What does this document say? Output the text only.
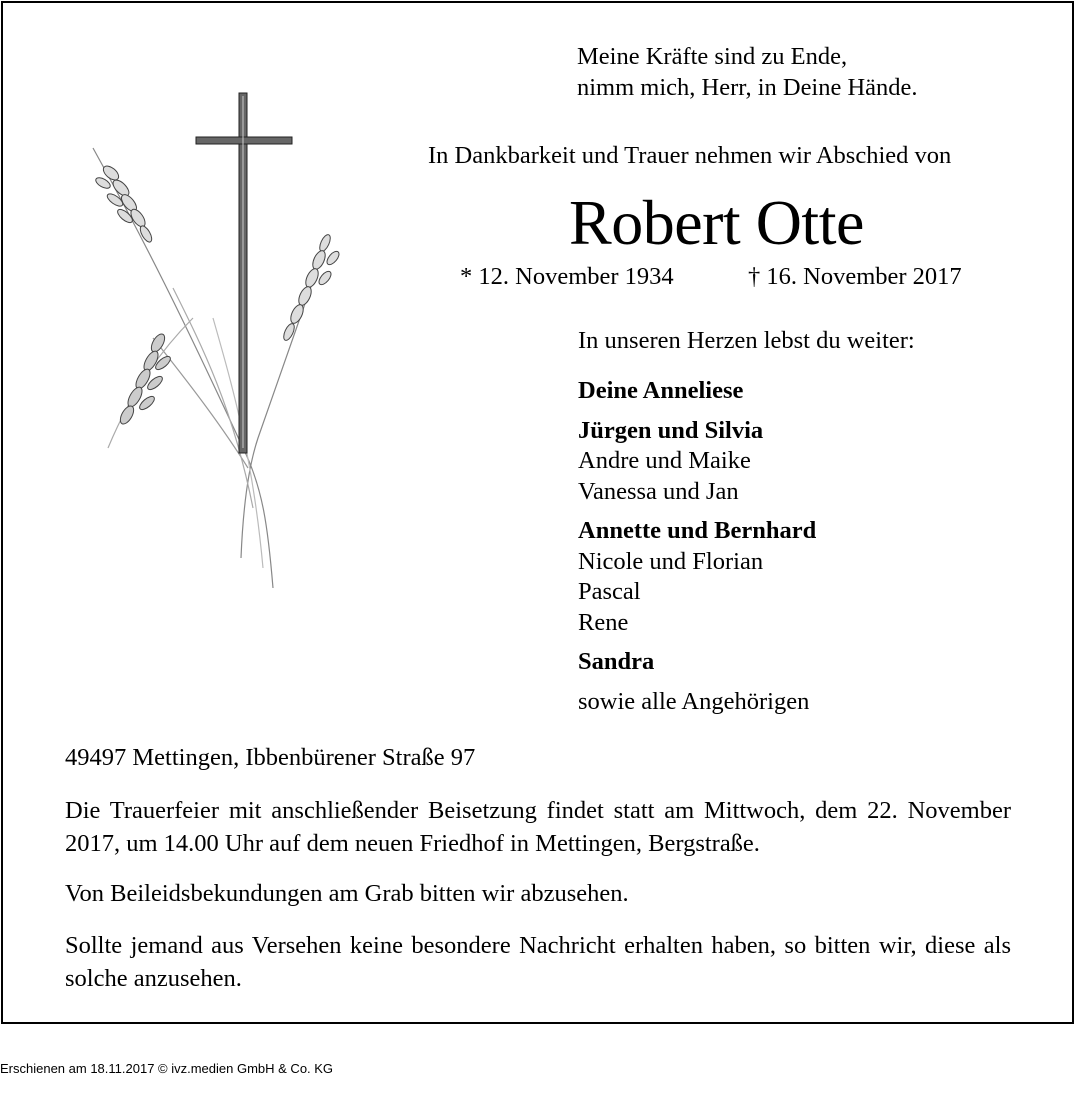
Meine Kräfte sind zu Ende,
nimm mich, Herr, in Deine Hände.
In Dankbarkeit und Trauer nehmen wir Abschied von
Robert Otte
* 12. November 1934	† 16. November 2017
In unseren Herzen lebst du weiter:
Deine Anneliese
Jürgen und Silvia
Andre und Maike
Vanessa und Jan
Annette und Bernhard
Nicole und Florian
Pascal
Rene
Sandra
sowie alle Angehörigen
49497 Mettingen, Ibbenbürener Straße 97
Die Trauerfeier mit anschließender Beisetzung findet statt am Mittwoch, dem 22. November 2017, um 14.00 Uhr auf dem neuen Friedhof in Mettingen, Bergstraße.
Von Beileidsbekundungen am Grab bitten wir abzusehen.
Sollte jemand aus Versehen keine besondere Nachricht erhalten haben, so bitten wir, diese als solche anzusehen.
Erschienen am 18.11.2017 © ivz.medien GmbH & Co. KG
